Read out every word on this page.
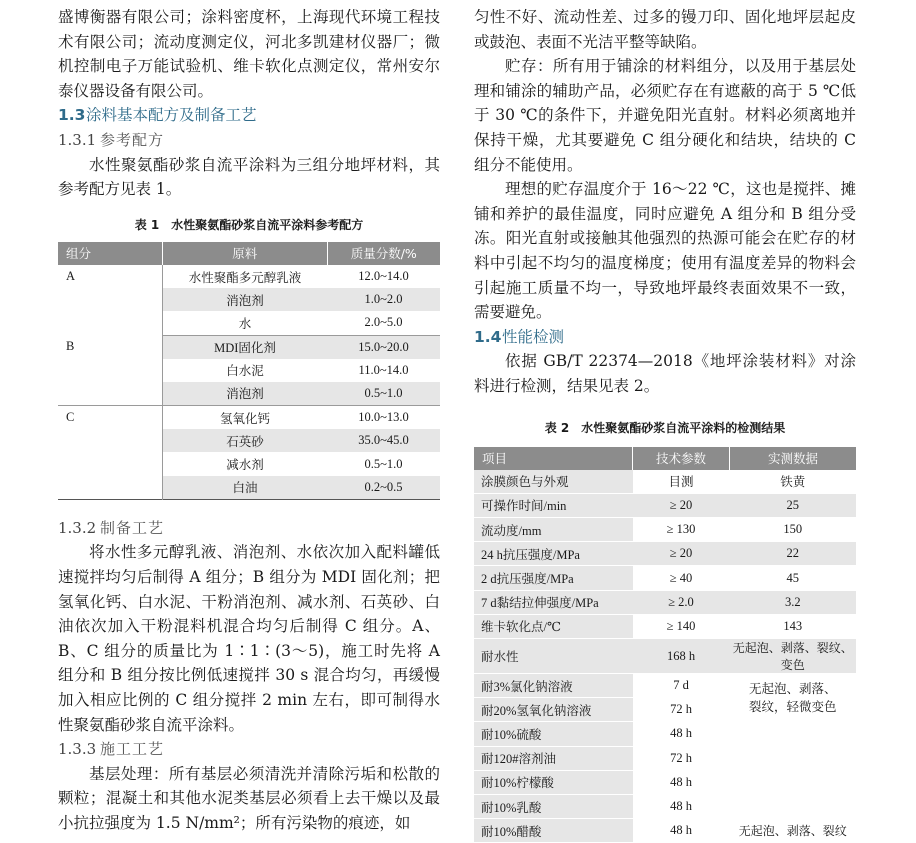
盛博衡器有限公司；涂料密度杯，上海现代环境工程技术有限公司；流动度测定仪，河北多凯建材仪器厂；微机控制电子万能试验机、维卡软化点测定仪，常州安尔泰仪器设备有限公司。

1.3涂料基本配方及制备工艺
1.3.1 参考配方

水性聚氨酯砂浆自流平涂料为三组分地坪材料，其参考配方见表 1。

表 1 水性聚氨酯砂浆自流平涂料参考配方
组分	原料	质量分数/%
A	水性聚酯多元醇乳液	12.0~14.0
	消泡剂	1.0~2.0
	水	2.0~5.0
B	MDI固化剂	15.0~20.0
	白水泥	11.0~14.0
	消泡剂	0.5~1.0
C	氢氧化钙	10.0~13.0
	石英砂	35.0~45.0
	减水剂	0.5~1.0
	白油	0.2~0.5
1.3.2 制备工艺

将水性多元醇乳液、消泡剂、水依次加入配料罐低速搅拌均匀后制得 A 组分；B 组分为 MDI 固化剂；把氢氧化钙、白水泥、干粉消泡剂、减水剂、石英砂、白油依次加入干粉混料机混合均匀后制得 C 组分。A、B、C 组分的质量比为 1∶1∶(3～5)，施工时先将 A 组分和 B 组分按比例低速搅拌 30 s 混合均匀，再缓慢加入相应比例的 C 组分搅拌 2 min 左右，即可制得水性聚氨酯砂浆自流平涂料。

1.3.3 施工工艺

基层处理：所有基层必须清洗并清除污垢和松散的颗粒；混凝土和其他水泥类基层必须看上去干燥以及最小抗拉强度为 1.5 N/mm²；所有污染物的痕迹，如

匀性不好、流动性差、过多的镘刀印、固化地坪层起皮或鼓泡、表面不光洁平整等缺陷。

贮存：所有用于铺涂的材料组分，以及用于基层处理和铺涂的辅助产品，必须贮存在有遮蔽的高于 5 ℃低于 30 ℃的条件下，并避免阳光直射。材料必须离地并保持干燥，尤其要避免 C 组分硬化和结块，结块的 C 组分不能使用。

理想的贮存温度介于 16～22 ℃，这也是搅拌、摊铺和养护的最佳温度，同时应避免 A 组分和 B 组分受冻。阳光直射或接触其他强烈的热源可能会在贮存的材料中引起不均匀的温度梯度；使用有温度差异的物料会引起施工质量不均一，导致地坪最终表面效果不一致，需要避免。

1.4性能检测

依据 GB/T 22374—2018《地坪涂装材料》对涂料进行检测，结果见表 2。

表 2 水性聚氨酯砂浆自流平涂料的检测结果
项目	技术参数	实测数据
涂膜颜色与外观	目测	铁黄
可操作时间/min	≥ 20	25
流动度/mm	≥ 130	150
24 h抗压强度/MPa	≥ 20	22
2 d抗压强度/MPa	≥ 40	45
7 d黏结拉伸强度/MPa	≥ 2.0	3.2
维卡软化点/℃	≥ 140	143
耐水性	168 h	无起泡、剥落、裂纹、变色
耐3%氯化钠溶液	7 d	无起泡、剥落、
裂纹，轻微变色

耐20%氢氧化钠溶液	72 h	
耐10%硫酸	48 h	
耐120#溶剂油	72 h	
耐10%柠檬酸	48 h	
耐10%乳酸	48 h	
耐10%醋酸	48 h	无起泡、剥落、裂纹
